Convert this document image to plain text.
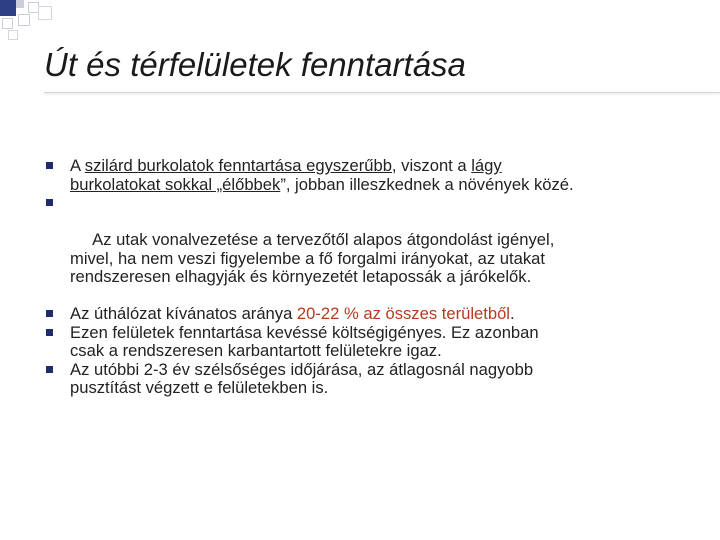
Út és térfelületek fenntartása
A szilárd burkolatok fenntartása egyszerűbb, viszont a lágy
burkolatokat sokkal „élőbbek”, jobban illeszkednek a növények közé.

Az utak vonalvezetése a tervezőtől alapos átgondolást igényel,
mivel, ha nem veszi figyelembe a fő forgalmi irányokat, az utakat
rendszeresen elhagyják és környezetét letapossák a járókelők.

Az úthálózat kívánatos aránya 20-22 % az összes területből.
Ezen felületek fenntartása kevéssé költségigényes. Ez azonban
csak a rendszeresen karbantartott felületekre igaz.
Az utóbbi 2-3 év szélsőséges időjárása, az átlagosnál nagyobb
pusztítást végzett e felületekben is.
